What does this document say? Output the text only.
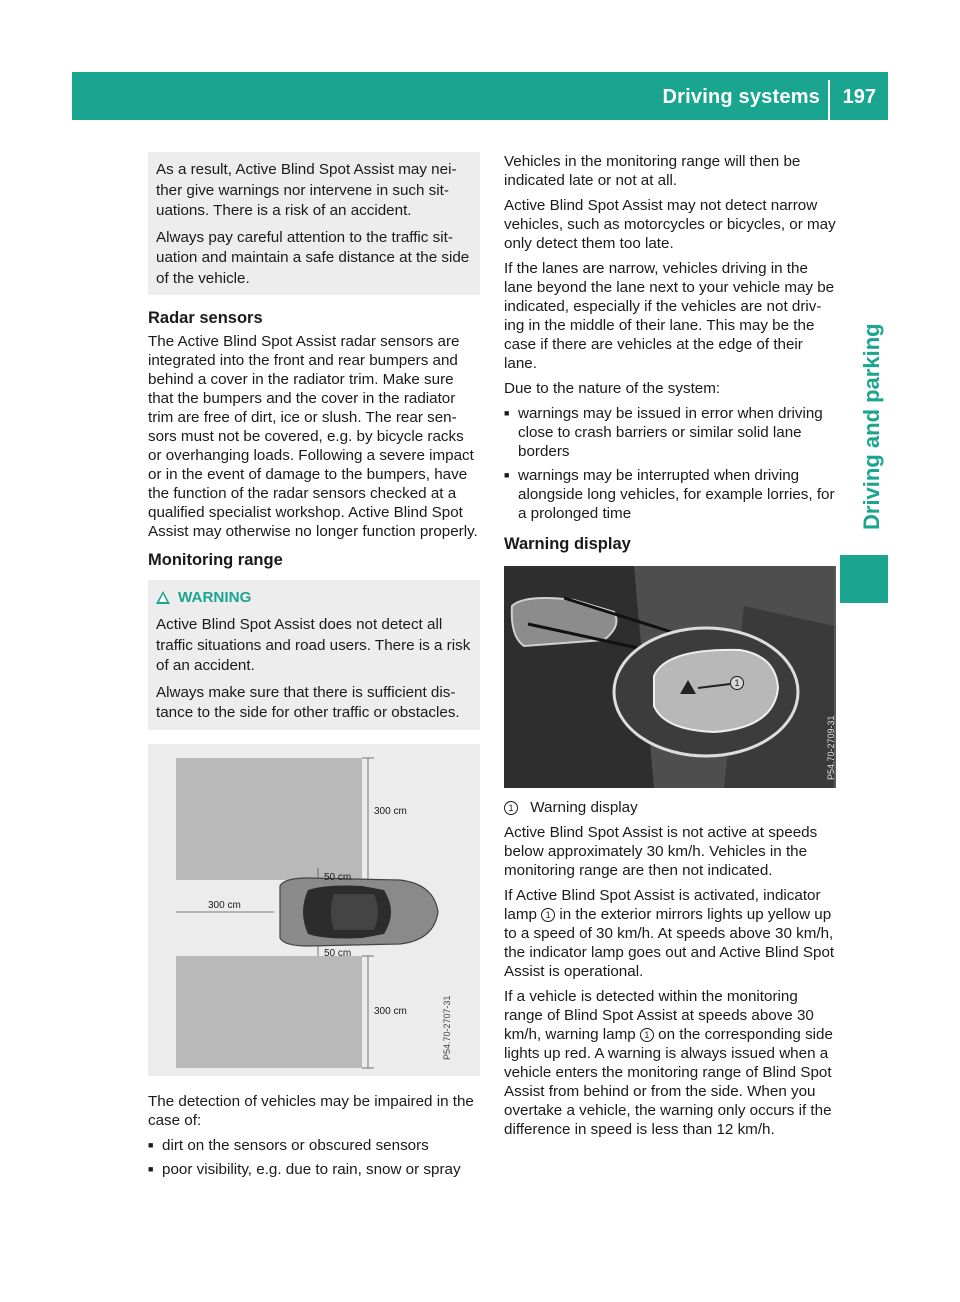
Driving systems 197
Driving and parking

As a result, Active Blind Spot Assist may neither give warnings nor intervene in such situations. There is a risk of an accident.

Always pay careful attention to the traffic situation and maintain a safe distance at the side of the vehicle.

Radar sensors

The Active Blind Spot Assist radar sensors are integrated into the front and rear bumpers and behind a cover in the radiator trim. Make sure that the bumpers and the cover in the radiator trim are free of dirt, ice or slush. The rear sensors must not be covered, e.g. by bicycle racks or overhanging loads. Following a severe impact or in the event of damage to the bumpers, have the function of the radar sensors checked at a qualified specialist workshop. Active Blind Spot Assist may otherwise no longer function properly.

Monitoring range
WARNING

Active Blind Spot Assist does not detect all traffic situations and road users. There is a risk of an accident.

Always make sure that there is sufficient distance to the side for other traffic or obstacles.

300 cm
50 cm
300 cm
50 cm
300 cm	P54.70-2707-31

The detection of vehicles may be impaired in the case of:

■ dirt on the sensors or obscured sensors
■ poor visibility, e.g. due to rain, snow or spray

Vehicles in the monitoring range will then be indicated late or not at all.

Active Blind Spot Assist may not detect narrow vehicles, such as motorcycles or bicycles, or may only detect them too late.

If the lanes are narrow, vehicles driving in the lane beyond the lane next to your vehicle may be indicated, especially if the vehicles are not driving in the middle of their lane. This may be the case if there are vehicles at the edge of their lane.

Due to the nature of the system:

■ warnings may be issued in error when driving close to crash barriers or similar solid lane borders
■ warnings may be interrupted when driving alongside long vehicles, for example lorries, for a prolonged time
Warning display
1
P54.70-2709-31

1 Warning display

Active Blind Spot Assist is not active at speeds below approximately 30 km/h. Vehicles in the monitoring range are then not indicated.

If Active Blind Spot Assist is activated, indicator lamp 1 in the exterior mirrors lights up yellow up to a speed of 30 km/h. At speeds above 30 km/h, the indicator lamp goes out and Active Blind Spot Assist is operational.

If a vehicle is detected within the monitoring range of Blind Spot Assist at speeds above 30 km/h, warning lamp 1 on the corresponding side lights up red. A warning is always issued when a vehicle enters the monitoring range of Blind Spot Assist from behind or from the side. When you overtake a vehicle, the warning only occurs if the difference in speed is less than 12 km/h.
